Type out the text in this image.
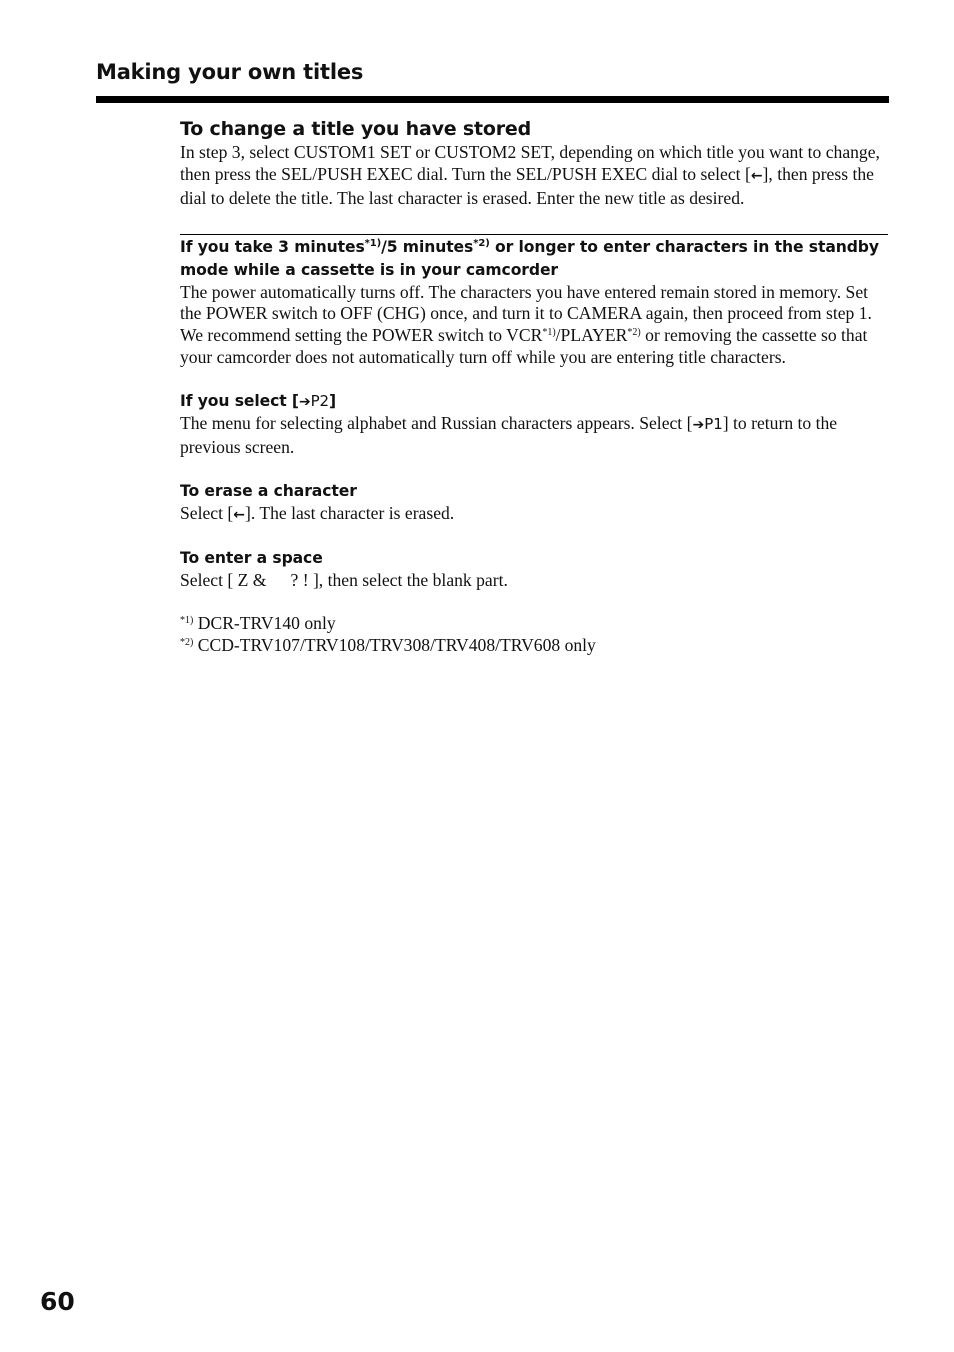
Making your own titles
To change a title you have stored

In step 3, select CUSTOM1 SET or CUSTOM2 SET, depending on which title you want to change, then press the SEL/PUSH EXEC dial. Turn the SEL/PUSH EXEC dial to select [←], then press the dial to delete the title. The last character is erased. Enter the new title as desired.

If you take 3 minutes$^{*1)}$/5 minutes$^{*2)}$ or longer to enter characters in the standby mode while a cassette is in your camcorder

The power automatically turns off. The characters you have entered remain stored in memory. Set the POWER switch to OFF (CHG) once, and turn it to CAMERA again, then proceed from step 1.

We recommend setting the POWER switch to VCR$^{*1)}$/PLAYER$^{*2)}$ or removing the cassette so that your camcorder does not automatically turn off while you are entering title characters.

If you select [➔P2]

The menu for selecting alphabet and Russian characters appears. Select [➔P1] to return to the previous screen.

To erase a character

Select [←]. The last character is erased.

To enter a space

Select [ Z & ? ! ], then select the blank part.

$^{*1)}$ DCR-TRV140 only

$^{*2)}$ CCD-TRV107/TRV108/TRV308/TRV408/TRV608 only

60
